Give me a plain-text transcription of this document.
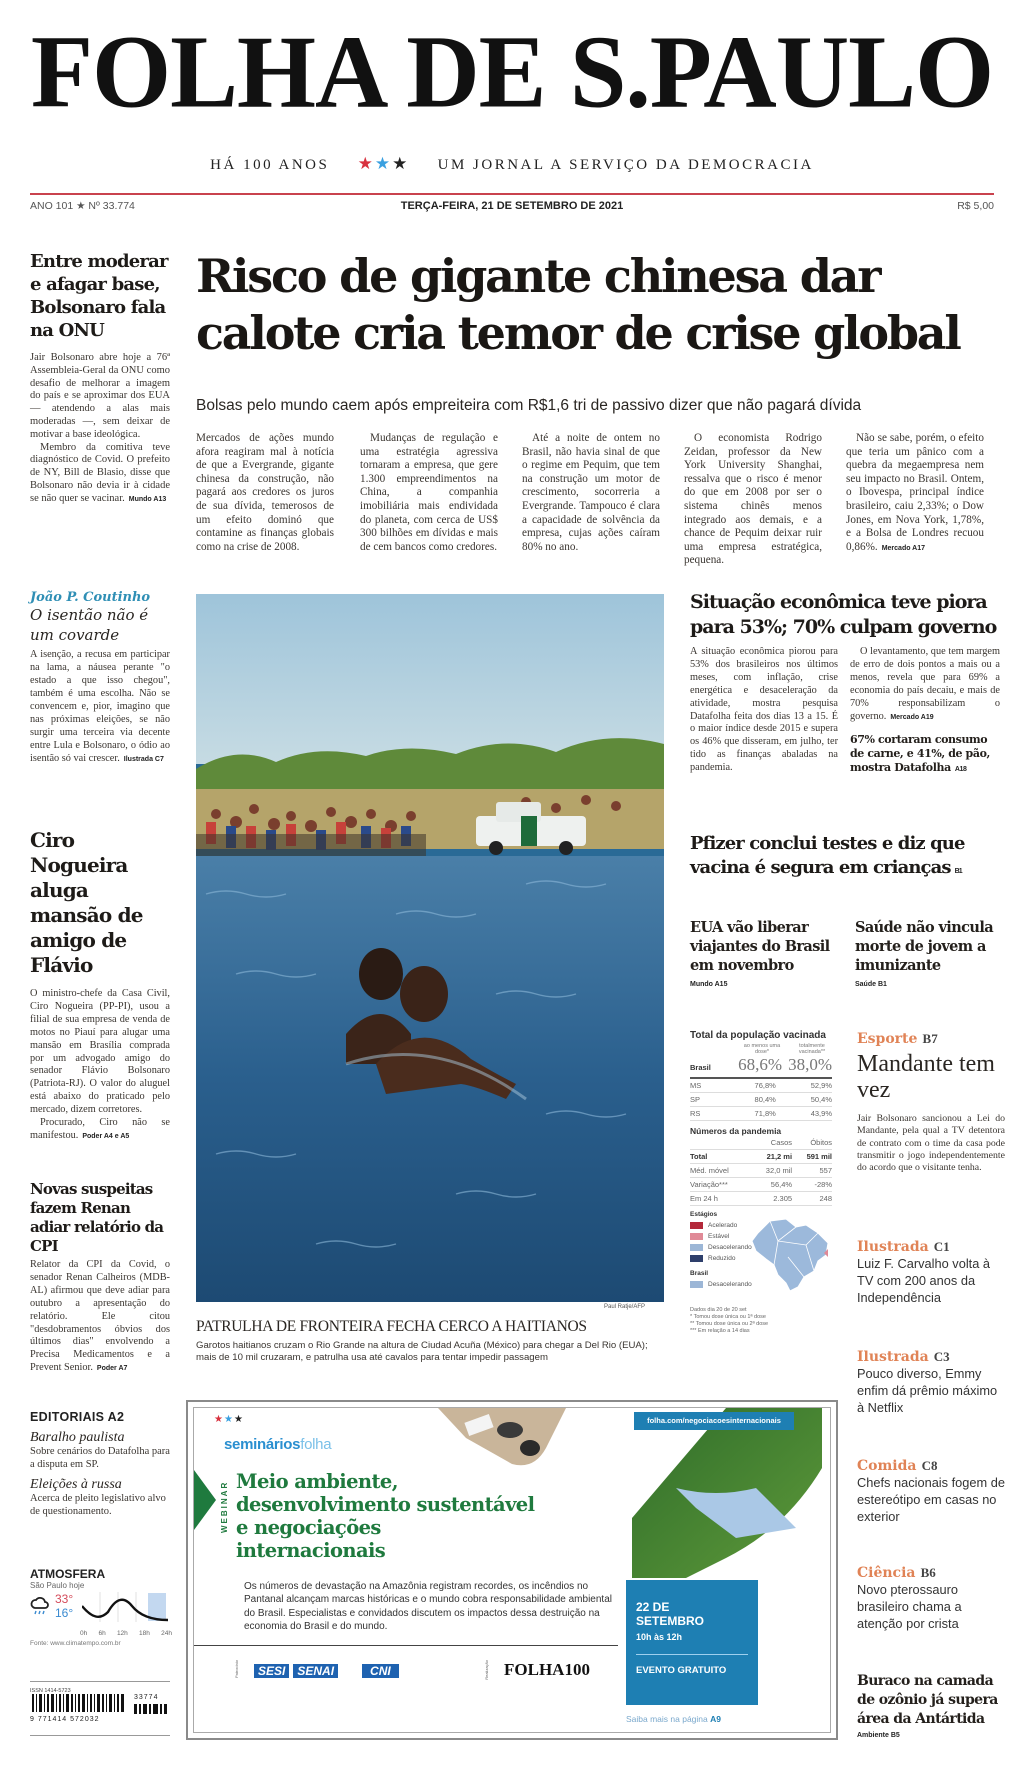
FOLHA DE S.PAULO
HÁ 100 ANOS ★★★ UM JORNAL A SERVIÇO DA DEMOCRACIA
ANO 101 ★ Nº 33.774	TERÇA-FEIRA, 21 DE SETEMBRO DE 2021	R$ 5,00
Entre moderar e afagar base, Bolsonaro fala na ONU

Jair Bolsonaro abre hoje a 76ª Assembleia-Geral da ONU como desafio de melhorar a imagem do país e se aproximar dos EUA — atendendo a alas mais moderadas —, sem deixar de motivar a base ideológica.

Membro da comitiva teve diagnóstico de Covid. O prefeito de NY, Bill de Blasio, disse que Bolsonaro não devia ir à cidade se não quer se vacinar. Mundo A13

João P. Coutinho
O isentão não é um covarde

A isenção, a recusa em participar na lama, a náusea perante "o estado a que isso chegou", também é uma escolha. Não se convencem e, pior, imagino que nas próximas eleições, se não surgir uma terceira via decente entre Lula e Bolsonaro, o ódio ao isentão só vai crescer. Ilustrada C7

Ciro Nogueira aluga mansão de amigo de Flávio

O ministro-chefe da Casa Civil, Ciro Nogueira (PP-PI), usou a filial de sua empresa de venda de motos no Piauí para alugar uma mansão em Brasília comprada por um advogado amigo do senador Flávio Bolsonaro (Patriota-RJ). O valor do aluguel está abaixo do praticado pelo mercado, dizem corretores.

Procurado, Ciro não se manifestou. Poder A4 e A5

Novas suspeitas fazem Renan adiar relatório da CPI

Relator da CPI da Covid, o senador Renan Calheiros (MDB-AL) afirmou que deve adiar para outubro a apresentação do relatório. Ele citou "desdobramentos óbvios dos últimos dias" envolvendo a Precisa Medicamentos e a Prevent Senior. Poder A7

EDITORIAIS A2
Baralho paulista
Sobre cenários do Datafolha para a disputa em SP.
Eleições à russa
Acerca de pleito legislativo alvo de questionamento.
ATMOSFERA
São Paulo hoje
33°
16°
0h 6h 12h 18h 24h
Fonte: www.climatempo.com.br
ISSN 1414-5723
9 771414 572032
33774
Risco de gigante chinesa dar
calote cria temor de crise global
Bolsas pelo mundo caem após empreiteira com R$1,6 tri de passivo dizer que não pagará dívida

Mercados de ações mundo afora reagiram mal à notícia de que a Evergrande, gigante chinesa da construção, não pagará aos credores os juros de sua dívida, temerosos de um efeito dominó que contamine as finanças globais como na crise de 2008.

Mudanças de regulação e uma estratégia agressiva tornaram a empresa, que gere 1.300 empreendimentos na China, a companhia imobiliária mais endividada do planeta, com cerca de US$ 300 bilhões em dívidas e mais de cem bancos como credores.

Até a noite de ontem no Brasil, não havia sinal de que o regime em Pequim, que tem na construção um motor de crescimento, socorreria a Evergrande. Tampouco é clara a capacidade de solvência da empresa, cujas ações caíram 80% no ano.

O economista Rodrigo Zeidan, professor da New York University Shanghai, ressalva que o risco é menor do que em 2008 por ser o sistema chinês menos integrado aos demais, e a chance de Pequim deixar ruir uma empresa estratégica, pequena.

Não se sabe, porém, o efeito que teria um pânico com a quebra da megaempresa nem seu impacto no Brasil. Ontem, o Ibovespa, principal índice brasileiro, caiu 2,33%; o Dow Jones, em Nova York, 1,78%, e a Bolsa de Londres recuou 0,86%. Mercado A17

Paul Ratje/AFP
PATRULHA DE FRONTEIRA FECHA CERCO A HAITIANOS
Garotos haitianos cruzam o Rio Grande na altura de Ciudad Acuña (México) para chegar a Del Rio (EUA); mais de 10 mil cruzaram, e patrulha usa até cavalos para tentar impedir passagem
Situação econômica teve piora para 53%; 70% culpam governo

A situação econômica piorou para 53% dos brasileiros nos últimos meses, com inflação, crise energética e desaceleração da atividade, mostra pesquisa Datafolha feita dos dias 13 a 15. É o maior índice desde 2015 e supera os 46% que disseram, em julho, ter tido as finanças abaladas na pandemia.

O levantamento, que tem margem de erro de dois pontos a mais ou a menos, revela que para 69% a economia do país decaiu, e mais de 70% responsabilizam o governo. Mercado A19

67% cortaram consumo de carne, e 41%, de pão, mostra Datafolha A18

Pfizer conclui testes e diz que vacina é segura em crianças B1
EUA vão liberar viajantes do Brasil em novembro
Mundo A15
Saúde não vincula morte de jovem a imunizante
Saúde B1
Total da população vacinada
ao menos uma dose*
totalmente vacinada**
Brasil	68,6% 38,0%
MS	76,8%	52,9%
SP	80,4%	50,4%
RS	71,8%	43,9%
Números da pandemia
	Casos	Óbitos
Total	21,2 mi	591 mil
Méd. móvel	32,0 mil	557
Variação***	56,4%	-28%
Em 24 h	2.305	248
Estágios
Acelerado
Estável
Desacelerando
Reduzido
Brasil
Desacelerando
Dados dia 20 de 20 set
* Tomou dose única ou 1ª dose
** Tomou dose única ou 2ª dose
*** Em relação a 14 dias
Esporte B7
Mandante tem vez

Jair Bolsonaro sancionou a Lei do Mandante, pela qual a TV detentora de contrato com o time da casa pode transmitir o jogo independentemente do acordo que o visitante tenha.

Ilustrada C1
Luiz F. Carvalho volta à TV com 200 anos da Independência
Ilustrada C3
Pouco diverso, Emmy enfim dá prêmio máximo à Netflix
Comida C8
Chefs nacionais fogem de estereótipo em casas no exterior
Ciência B6
Novo pterossauro brasileiro chama a atenção por crista
Buraco na camada de ozônio já supera área da Antártida
Ambiente B5
★★★
semináriosfolha
WEBINAR Meio ambiente, desenvolvimento sustentável e negociações internacionais
Os números de devastação na Amazônia registram recordes, os incêndios no Pantanal alcançam marcas históricas e o mundo cobra responsabilidade ambiental do Brasil. Especialistas e convidados discutem os impactos dessa destruição na economia do Brasil e do mundo.
folha.com/negociacoesinternacionais
22 DE SETEMBRO
10h às 12h
EVENTO GRATUITO
Saiba mais na página A9
Patrocínio	SESI	SENAI	CNI	Realização FOLHA100
